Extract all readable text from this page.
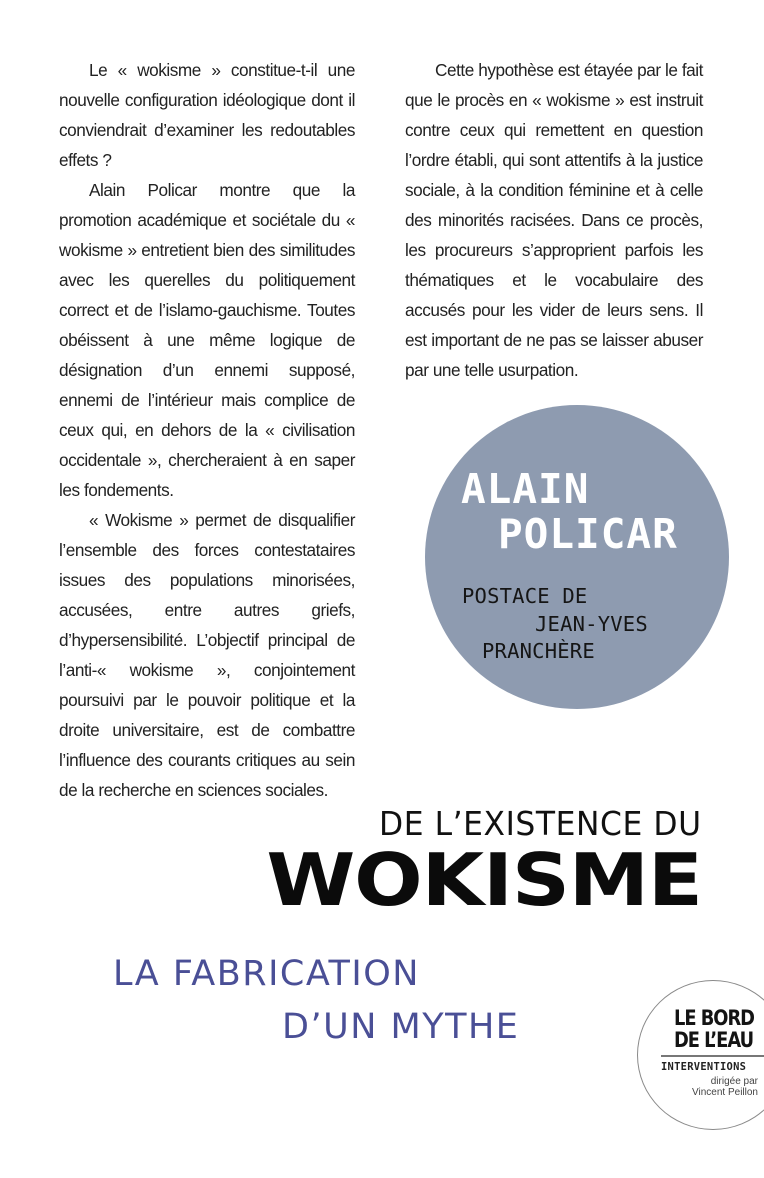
Le « wokisme » constitue-t-il une nouvelle configuration idéologique dont il conviendrait d’examiner les redoutables effets ?

Alain Policar montre que la promotion académique et sociétale du « wokisme » entretient bien des similitudes avec les querelles du politiquement correct et de l’islamo-gauchisme. Toutes obéissent à une même logique de désignation d’un ennemi supposé, ennemi de l’intérieur mais complice de ceux qui, en dehors de la « civilisation occidentale », chercheraient à en saper les fondements.

« Wokisme » permet de disqualifier l’ensemble des forces contestataires issues des populations minorisées, accusées, entre autres griefs, d’hypersensibilité. L’objectif principal de l’anti-« wokisme », conjointement poursuivi par le pouvoir politique et la droite universitaire, est de combattre l’influence des courants critiques au sein de la recherche en sciences sociales.

Cette hypothèse est étayée par le fait que le procès en « wokisme » est instruit contre ceux qui remettent en question l’ordre établi, qui sont attentifs à la justice sociale, à la condition féminine et à celle des minorités racisées. Dans ce procès, les procureurs s’approprient parfois les thématiques et le vocabulaire des accusés pour les vider de leurs sens. Il est important de ne pas se laisser abuser par une telle usurpation.

ALAIN
POLICAR
POSTACE DE
JEAN-YVES
PRANCHÈRE
DE L’EXISTENCE DU
WOKISME
LA FABRICATION
D’UN MYTHE	LE BORD
DE L’EAU
INTERVENTIONS
dirigée par
Vincent Peillon
